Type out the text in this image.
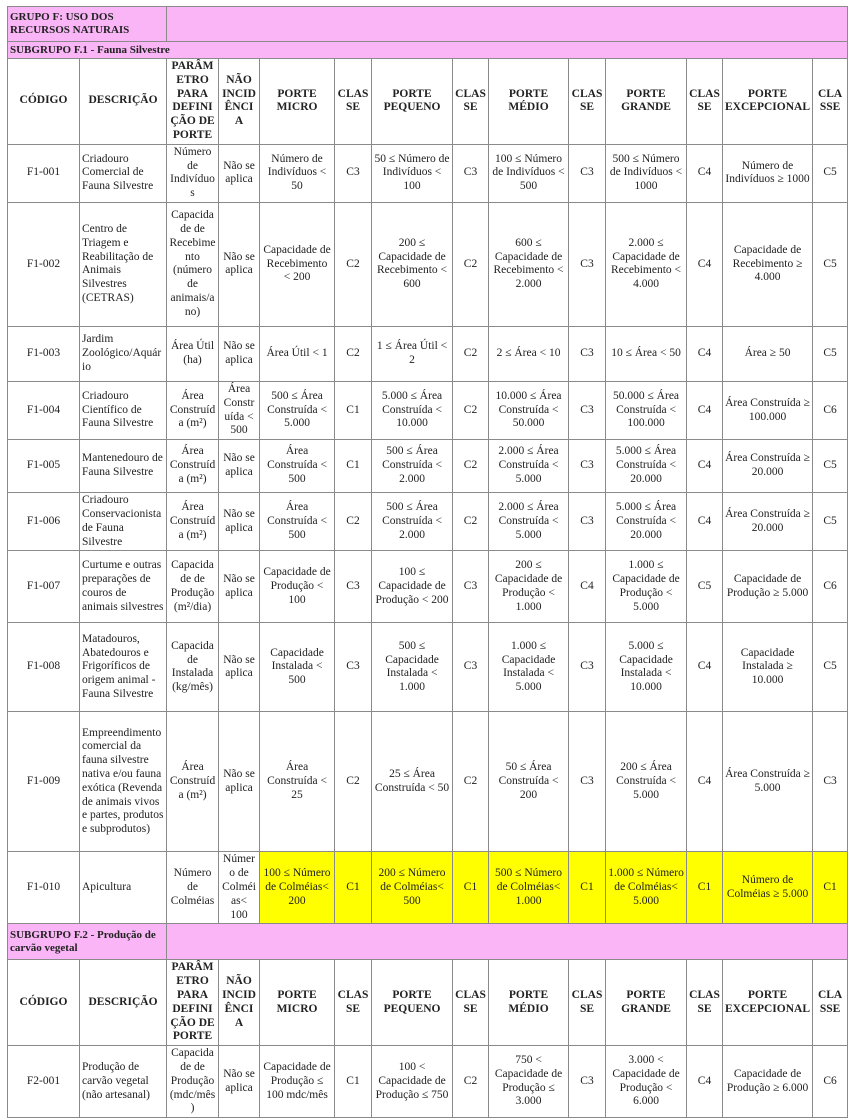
GRUPO F: USO DOS RECURSOS NATURAIS													
SUBGRUPO F.1 - Fauna Silvestre													
CÓDIGO	DESCRIÇÃO	PARÂMETRO PARA DEFINIÇÃO DE PORTE	NÃO INCIDÊNCIA	PORTE MICRO	CLASSE	PORTE PEQUENO	CLASSE	PORTE MÉDIO	CLASSE	PORTE GRANDE	CLASSE	PORTE EXCEPCIONAL	CLASSE
F1-001	Criadouro Comercial de Fauna Silvestre	Número de Indivíduos	Não se aplica	Número de Indivíduos < 50	C3	50 ≤ Número de Indivíduos < 100	C3	100 ≤ Número de Indivíduos < 500	C3	500 ≤ Número de Indivíduos < 1000	C4	Número de Indivíduos ≥ 1000	C5
F1-002	Centro de Triagem e Reabilitação de Animais Silvestres (CETRAS)	Capacidade de Recebimento (número de animais/ano)	Não se aplica	Capacidade de Recebimento < 200	C2	200 ≤ Capacidade de Recebimento < 600	C2	600 ≤ Capacidade de Recebimento < 2.000	C3	2.000 ≤ Capacidade de Recebimento < 4.000	C4	Capacidade de Recebimento ≥ 4.000	C5
F1-003	Jardim Zoológico/Aquário	Área Útil (ha)	Não se aplica	Área Útil < 1	C2	1 ≤ Área Útil < 2	C2	2 ≤ Área < 10	C3	10 ≤ Área < 50	C4	Área ≥ 50	C5
F1-004	Criadouro Científico de Fauna Silvestre	Área Construída (m²)	Área Construída < 500	500 ≤ Área Construída < 5.000	C1	5.000 ≤ Área Construída < 10.000	C2	10.000 ≤ Área Construída < 50.000	C3	50.000 ≤ Área Construída < 100.000	C4	Área Construída ≥ 100.000	C6
F1-005	Mantenedouro de Fauna Silvestre	Área Construída (m²)	Não se aplica	Área Construída < 500	C1	500 ≤ Área Construída < 2.000	C2	2.000 ≤ Área Construída < 5.000	C3	5.000 ≤ Área Construída < 20.000	C4	Área Construída ≥ 20.000	C5
F1-006	Criadouro Conservacionista de Fauna Silvestre	Área Construída (m²)	Não se aplica	Área Construída < 500	C2	500 ≤ Área Construída < 2.000	C2	2.000 ≤ Área Construída < 5.000	C3	5.000 ≤ Área Construída < 20.000	C4	Área Construída ≥ 20.000	C5
F1-007	Curtume e outras preparações de couros de animais silvestres	Capacidade de Produção (m²/dia)	Não se aplica	Capacidade de Produção < 100	C3	100 ≤ Capacidade de Produção < 200	C3	200 ≤ Capacidade de Produção < 1.000	C4	1.000 ≤ Capacidade de Produção < 5.000	C5	Capacidade de Produção ≥ 5.000	C6
F1-008	Matadouros, Abatedouros e Frigoríficos de origem animal - Fauna Silvestre	Capacidade Instalada (kg/mês)	Não se aplica	Capacidade Instalada < 500	C3	500 ≤ Capacidade Instalada < 1.000	C3	1.000 ≤ Capacidade Instalada < 5.000	C3	5.000 ≤ Capacidade Instalada < 10.000	C4	Capacidade Instalada ≥ 10.000	C5
F1-009	Empreendimento comercial da fauna silvestre nativa e/ou fauna exótica (Revenda de animais vivos e partes, produtos e subprodutos)	Área Construída (m²)	Não se aplica	Área Construída < 25	C2	25 ≤ Área Construída < 50	C2	50 ≤ Área Construída < 200	C3	200 ≤ Área Construída < 5.000	C4	Área Construída ≥ 5.000	C3
F1-010	Apicultura	Número de Colméias	Número de Colméias< 100	100 ≤ Número de Colméias< 200	C1	200 ≤ Número de Colméias< 500	C1	500 ≤ Número de Colméias< 1.000	C1	1.000 ≤ Número de Colméias< 5.000	C1	Número de Colméias ≥ 5.000	C1
SUBGRUPO F.2 - Produção de carvão vegetal													
CÓDIGO	DESCRIÇÃO	PARÂMETRO PARA DEFINIÇÃO DE PORTE	NÃO INCIDÊNCIA	PORTE MICRO	CLASSE	PORTE PEQUENO	CLASSE	PORTE MÉDIO	CLASSE	PORTE GRANDE	CLASSE	PORTE EXCEPCIONAL	CLASSE
F2-001	Produção de carvão vegetal (não artesanal)	Capacidade de Produção (mdc/mês)	Não se aplica	Capacidade de Produção ≤ 100 mdc/mês	C1	100 < Capacidade de Produção ≤ 750	C2	750 < Capacidade de Produção ≤ 3.000	C3	3.000 < Capacidade de Produção < 6.000	C4	Capacidade de Produção ≥ 6.000	C6
